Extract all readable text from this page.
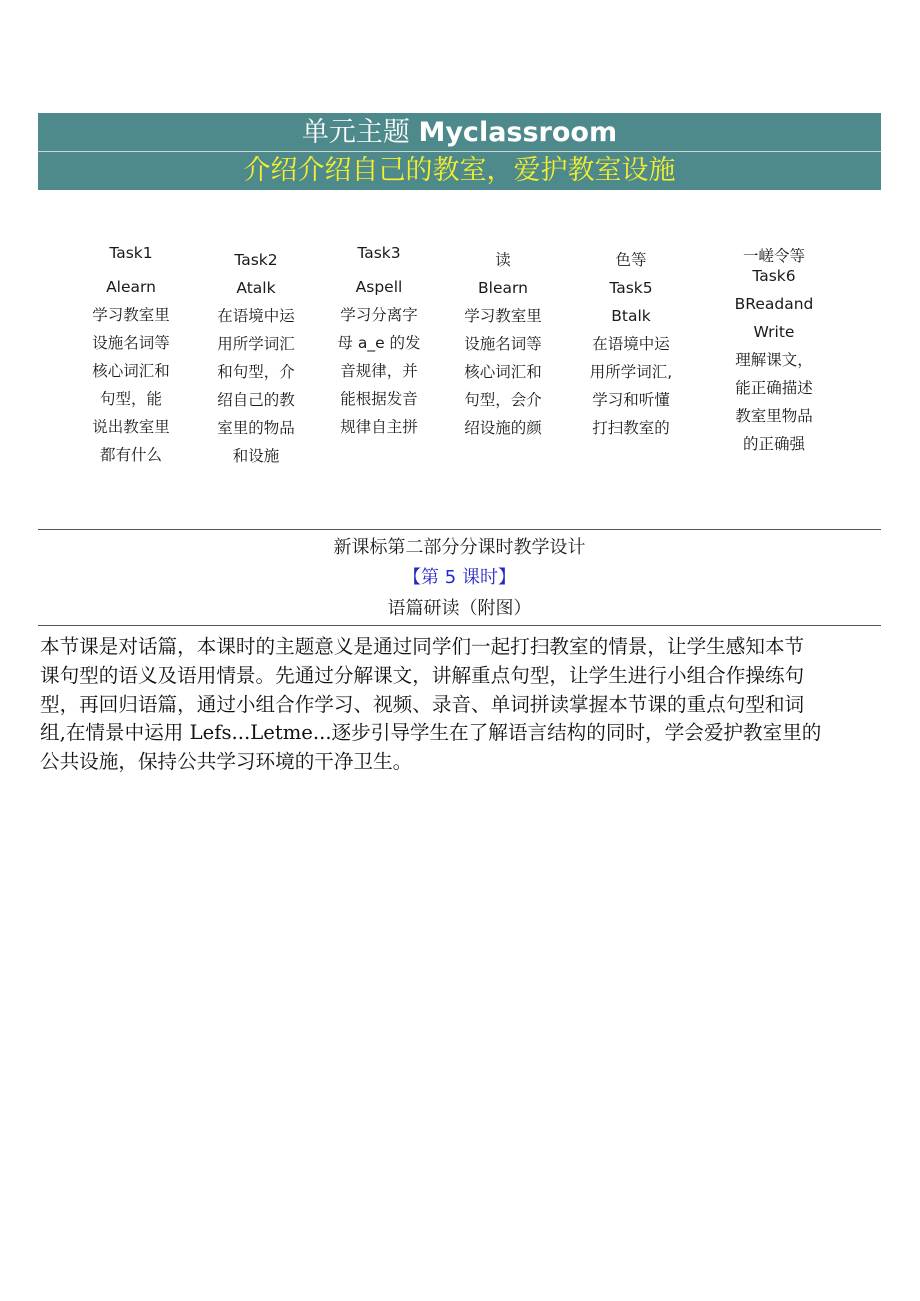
单元主题 Myclassroom
介绍介绍自己的教室，爱护教室设施
Task1
Alearn
学习教室里
设施名词等
核心词汇和
句型，能
说出教室里
都有什么
Task2
Atalk
在语境中运
用所学词汇
和句型，介
绍自己的教
室里的物品
和设施
Task3
Aspell
学习分离字
母 a_e 的发
音规律，并
能根据发音
规律自主拼
读
Blearn
学习教室里
设施名词等
核心词汇和
句型，会介
绍设施的颜
色等
Task5
Btalk
在语境中运
用所学词汇,
学习和听懂
打扫教室的
一嵯令等
Task6
BReadand
Write
理解课文，
能正确描述
教室里物品
的正确强
新课标第二部分分课时教学设计
【第 5 课时】
语篇研读（附图）

本节课是对话篇，本课时的主题意义是通过同学们一起打扫教室的情景，让学生感知本节

课句型的语义及语用情景。先通过分解课文，讲解重点句型，让学生进行小组合作操练句

型，再回归语篇，通过小组合作学习、视频、录音、单词拼读掌握本节课的重点句型和词

组,在情景中运用 Lefs...Letme...逐步引导学生在了解语言结构的同时，学会爱护教室里的

公共设施，保持公共学习环境的干净卫生。
